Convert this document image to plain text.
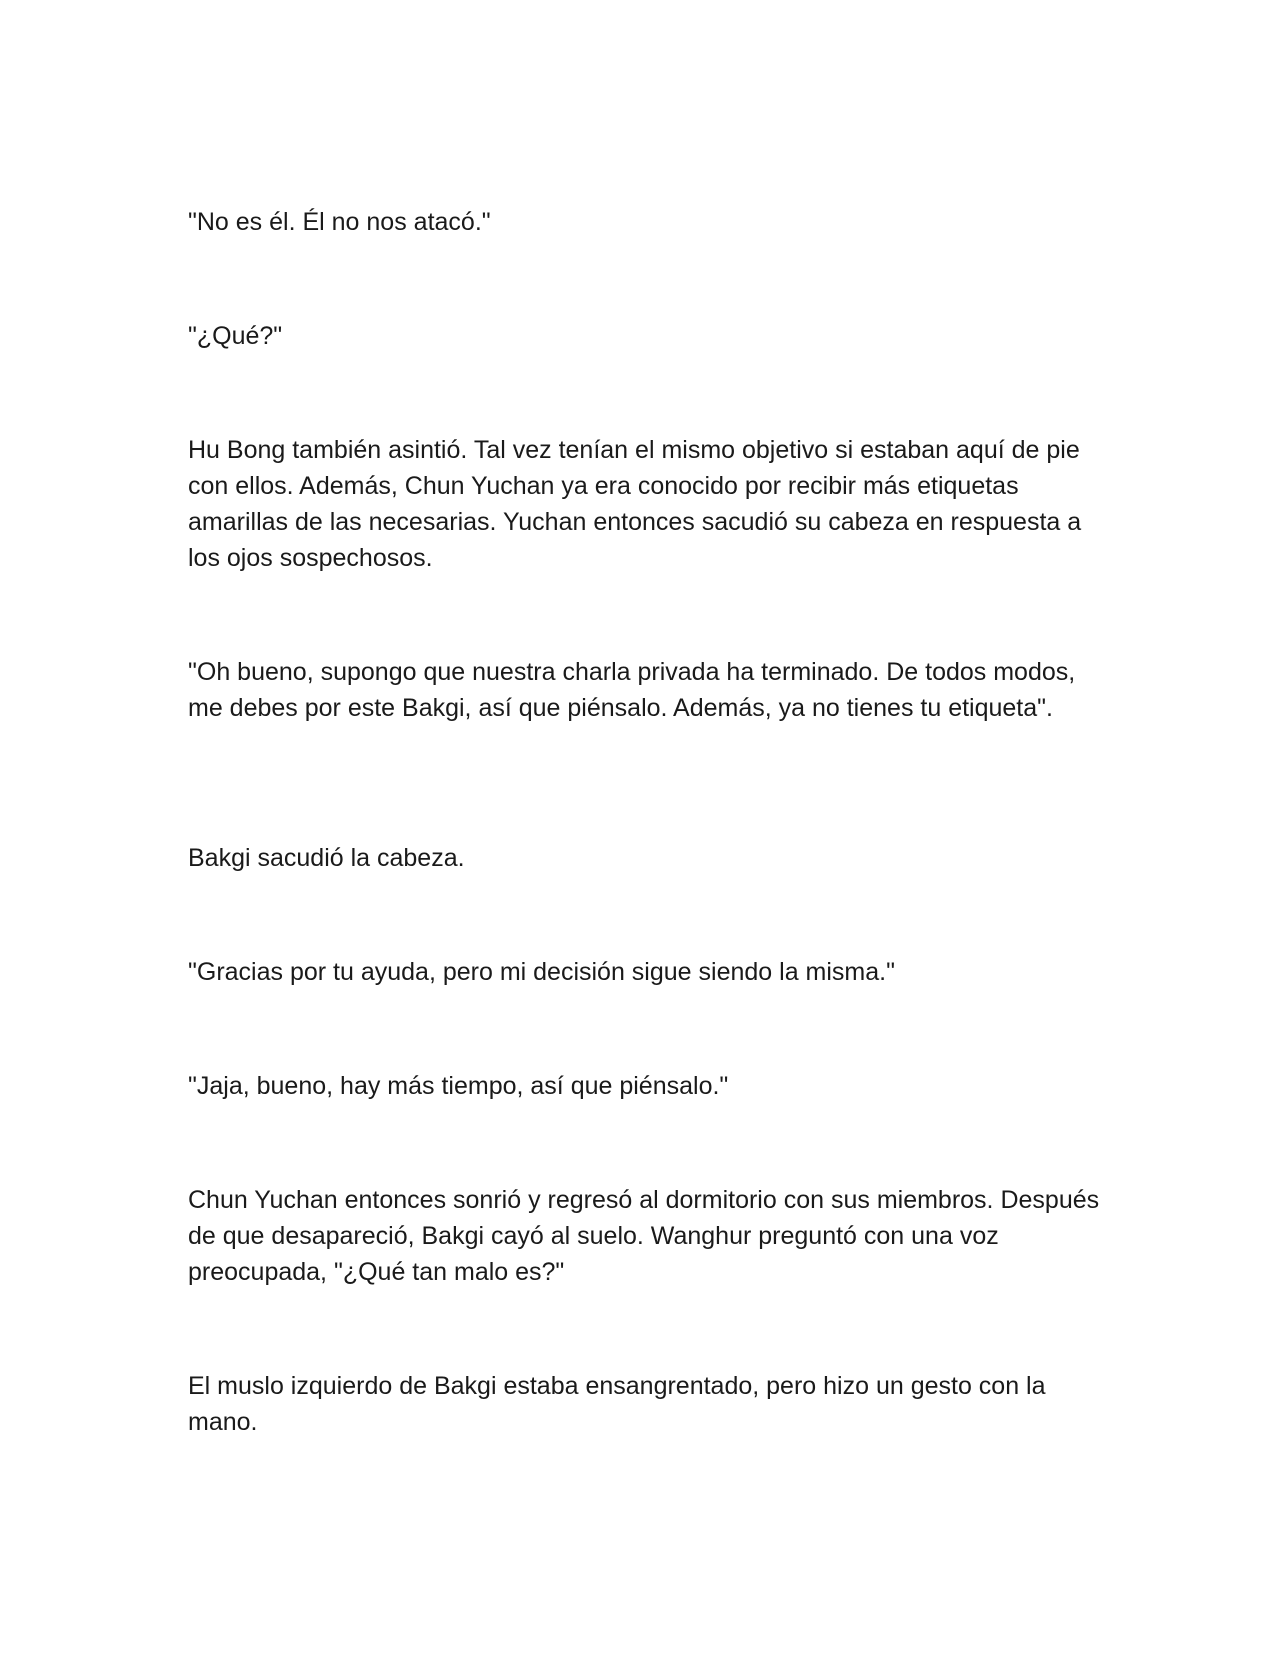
"No es él. Él no nos atacó."

"¿Qué?"

Hu Bong también asintió. Tal vez tenían el mismo objetivo si estaban aquí de pie con ellos. Además, Chun Yuchan ya era conocido por recibir más etiquetas amarillas de las necesarias. Yuchan entonces sacudió su cabeza en respuesta a los ojos sospechosos.

"Oh bueno, supongo que nuestra charla privada ha terminado. De todos modos, me debes por este Bakgi, así que piénsalo. Además, ya no tienes tu etiqueta".

Bakgi sacudió la cabeza.

"Gracias por tu ayuda, pero mi decisión sigue siendo la misma."

"Jaja, bueno, hay más tiempo, así que piénsalo."

Chun Yuchan entonces sonrió y regresó al dormitorio con sus miembros. Después de que desapareció, Bakgi cayó al suelo. Wanghur preguntó con una voz preocupada, "¿Qué tan malo es?"

El muslo izquierdo de Bakgi estaba ensangrentado, pero hizo un gesto con la mano.
